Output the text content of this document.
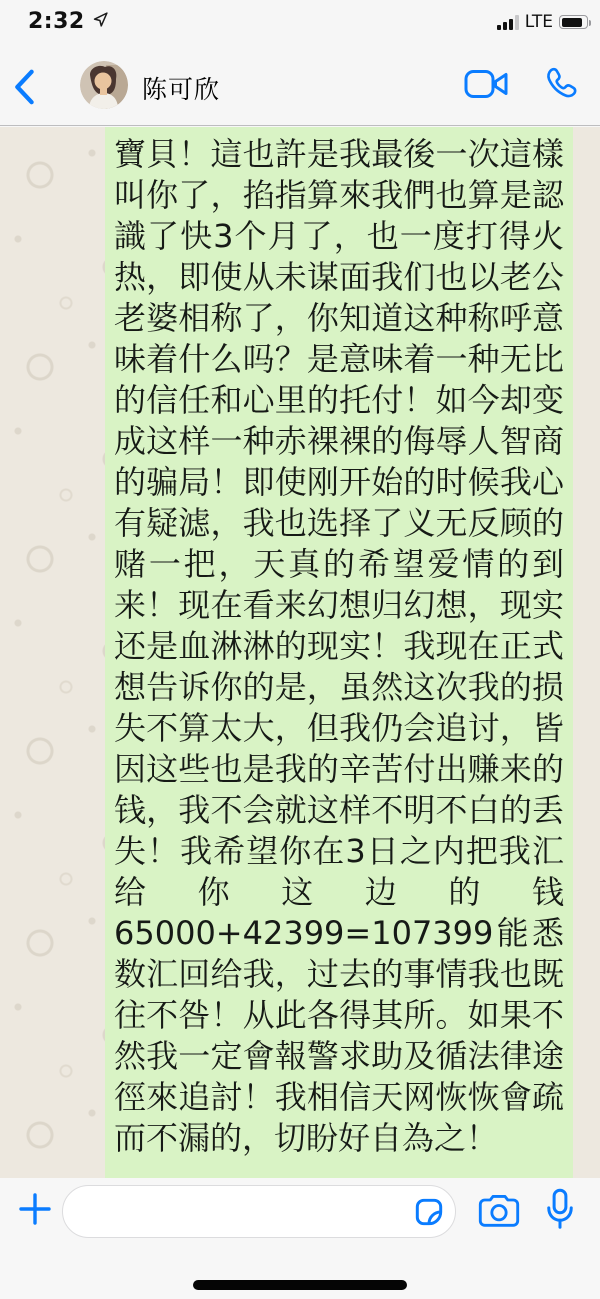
2:32	LTE
陈可欣
寶貝！這也許是我最後一次這樣叫你了，掐指算來我們也算是認識了快3个月了，也一度打得火热，即使从未谋面我们也以老公老婆相称了，你知道这种称呼意味着什么吗？是意味着一种无比的信任和心里的托付！如今却变成这样一种赤裸裸的侮辱人智商的骗局！即使刚开始的时候我心有疑滤，我也选择了义无反顾的赌一把，天真的希望爱情的到来！现在看来幻想归幻想，现实还是血淋淋的现实！我现在正式想告诉你的是，虽然这次我的损失不算太大，但我仍会追讨，皆因这些也是我的辛苦付出赚来的钱，我不会就这样不明不白的丢失！我希望你在3日之内把我汇给你这边的钱65000+42399=107399能悉数汇回给我，过去的事情我也既往不咎！从此各得其所。如果不然我一定會報警求助及循法律途徑來追討！我相信天网恢恢會疏而不漏的，切盼好自為之！
